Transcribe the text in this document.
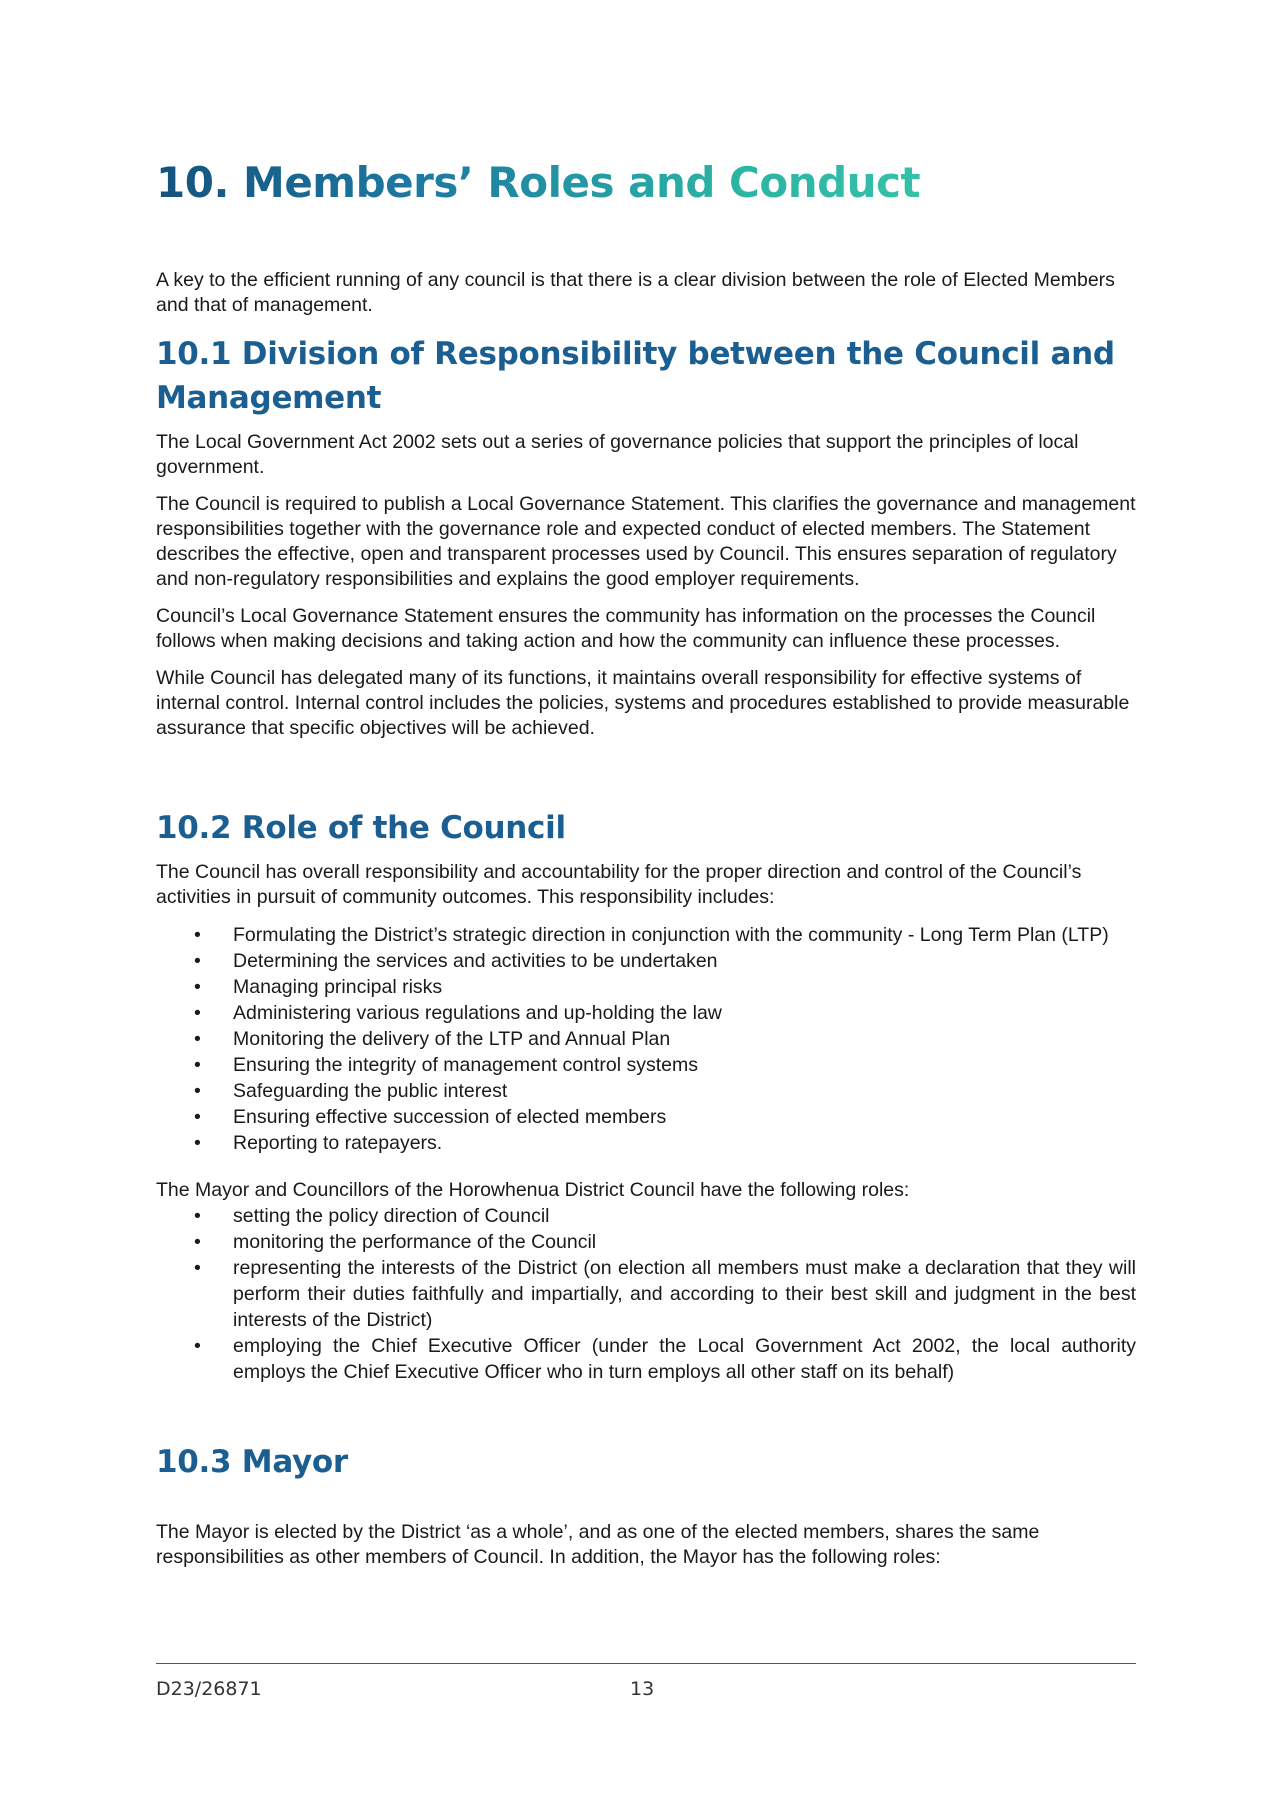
10. Members’ Roles and Conduct

A key to the efficient running of any council is that there is a clear division between the role of Elected Members and that of management.

10.1 Division of Responsibility between the Council and Management

The Local Government Act 2002 sets out a series of governance policies that support the principles of local government.

The Council is required to publish a Local Governance Statement. This clarifies the governance and management responsibilities together with the governance role and expected conduct of elected members. The Statement describes the effective, open and transparent processes used by Council. This ensures separation of regulatory and non-regulatory responsibilities and explains the good employer requirements.

Council’s Local Governance Statement ensures the community has information on the processes the Council follows when making decisions and taking action and how the community can influence these processes.

While Council has delegated many of its functions, it maintains overall responsibility for effective systems of internal control. Internal control includes the policies, systems and procedures established to provide measurable assurance that specific objectives will be achieved.

10.2 Role of the Council

The Council has overall responsibility and accountability for the proper direction and control of the Council’s activities in pursuit of community outcomes. This responsibility includes:

• Formulating the District’s strategic direction in conjunction with the community - Long Term Plan (LTP)
• Determining the services and activities to be undertaken
• Managing principal risks
• Administering various regulations and up-holding the law
• Monitoring the delivery of the LTP and Annual Plan
• Ensuring the integrity of management control systems
• Safeguarding the public interest
• Ensuring effective succession of elected members
• Reporting to ratepayers.

The Mayor and Councillors of the Horowhenua District Council have the following roles:

• setting the policy direction of Council
• monitoring the performance of the Council
• representing the interests of the District (on election all members must make a declaration that they will perform their duties faithfully and impartially, and according to their best skill and judgment in the best interests of the District)
• employing the Chief Executive Officer (under the Local Government Act 2002, the local authority employs the Chief Executive Officer who in turn employs all other staff on its behalf)
10.3 Mayor

The Mayor is elected by the District ‘as a whole’, and as one of the elected members, shares the same responsibilities as other members of Council. In addition, the Mayor has the following roles:

D23/26871	13
